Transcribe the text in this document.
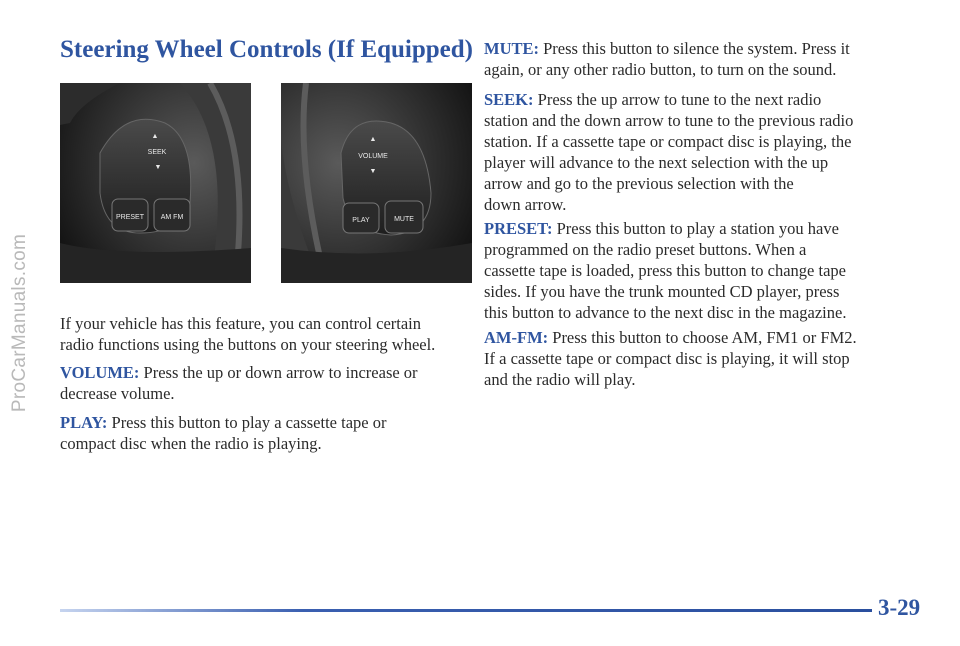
ProCarManuals.com
Steering Wheel Controls (If Equipped)
▲
SEEK
▼
PRESET AM FM
▲
VOLUME
▼
PLAY	MUTE

If your vehicle has this feature, you can control certain
radio functions using the buttons on your steering wheel.

VOLUME: Press the up or down arrow to increase or
decrease volume.

PLAY: Press this button to play a cassette tape or
compact disc when the radio is playing.

MUTE: Press this button to silence the system. Press it
again, or any other radio button, to turn on the sound.

SEEK: Press the up arrow to tune to the next radio
station and the down arrow to tune to the previous radio
station. If a cassette tape or compact disc is playing, the
player will advance to the next selection with the up
arrow and go to the previous selection with the
down arrow.

PRESET: Press this button to play a station you have
programmed on the radio preset buttons. When a
cassette tape is loaded, press this button to change tape
sides. If you have the trunk mounted CD player, press
this button to advance to the next disc in the magazine.

AM-FM: Press this button to choose AM, FM1 or FM2.
If a cassette tape or compact disc is playing, it will stop
and the radio will play.

3-29
